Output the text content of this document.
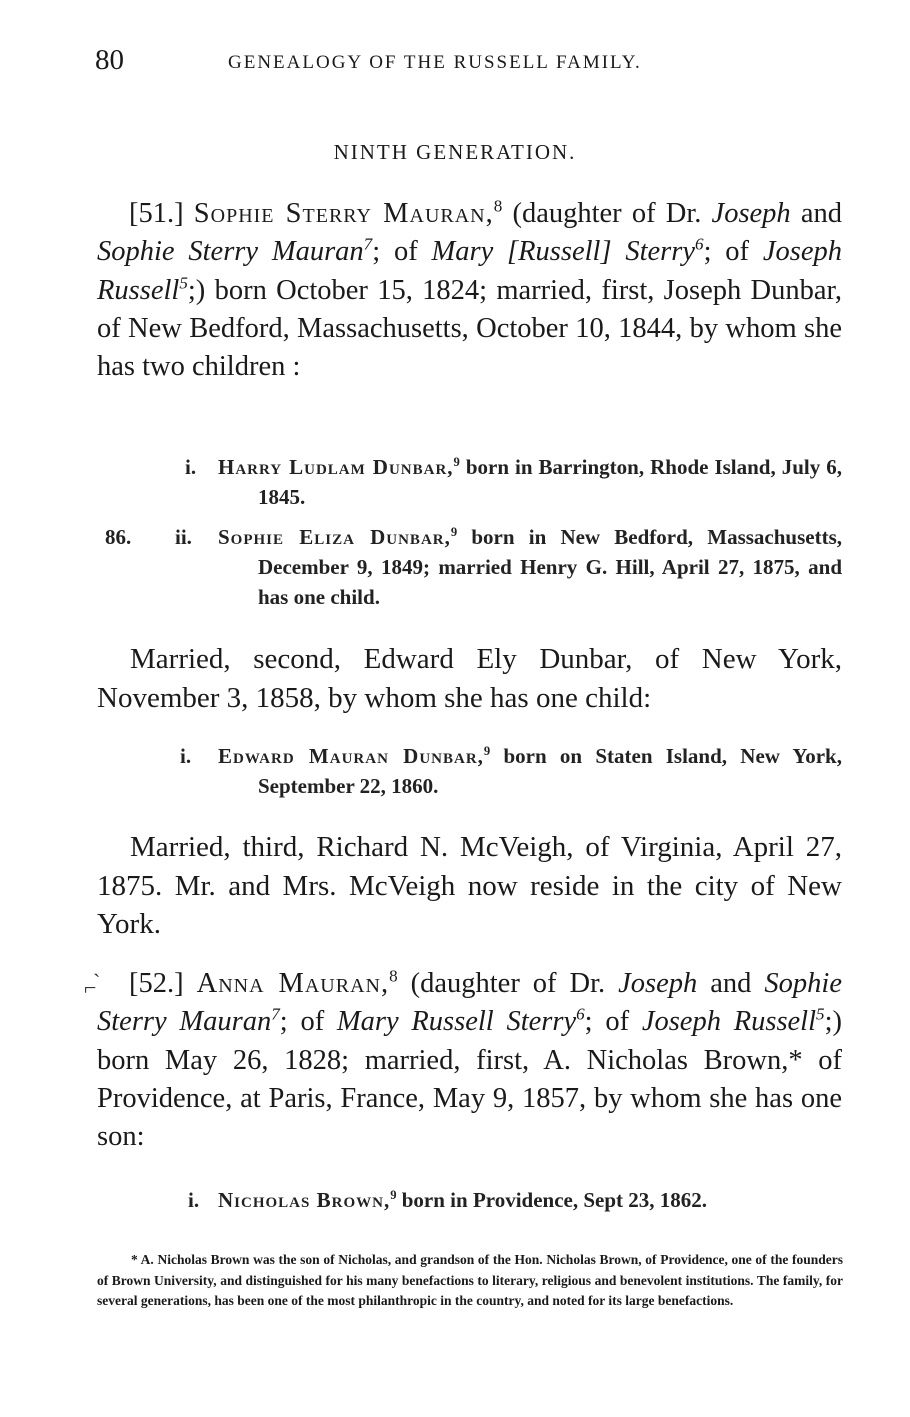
80	GENEALOGY OF THE RUSSELL FAMILY.
NINTH GENERATION.

[51.] Sophie Sterry Mauran,$^8$ (daughter of Dr. Joseph and Sophie Sterry Mauran$^7$; of Mary [Russell] Sterry$^6$; of Joseph Russell$^5$;) born October 15, 1824; married, first, Joseph Dunbar, of New Bedford, Massachusetts, October 10, 1844, by whom she has two children :

i. Harry Ludlam Dunbar,$^9$ born in Barrington, Rhode Island, July 6, 1845.
86. ii. Sophie Eliza Dunbar,$^9$ born in New Bedford, Massachusetts, December 9, 1849; married Henry G. Hill, April 27, 1875, and has one child.

Married, second, Edward Ely Dunbar, of New York, November 3, 1858, by whom she has one child:

i. Edward Mauran Dunbar,$^9$ born on Staten Island, New York, September 22, 1860.

Married, third, Richard N. McVeigh, of Virginia, April 27, 1875. Mr. and Mrs. McVeigh now reside in the city of New York.

ˎ
⌐	[52.] Anna Mauran,$^8$ (daughter of Dr. Joseph and Sophie Sterry Mauran$^7$; of Mary Russell Sterry$^6$; of Joseph Russell$^5$;) born May 26, 1828; married, first, A. Nicholas Brown,* of Providence, at Paris, France, May 9, 1857, by whom she has one son:

i. Nicholas Brown,$^9$ born in Providence, Sept 23, 1862.

* A. Nicholas Brown was the son of Nicholas, and grandson of the Hon. Nicholas Brown, of Providence, one of the founders of Brown University, and distinguished for his many benefactions to literary, religious and benevolent institutions. The family, for several generations, has been one of the most philanthropic in the country, and noted for its large benefactions.
